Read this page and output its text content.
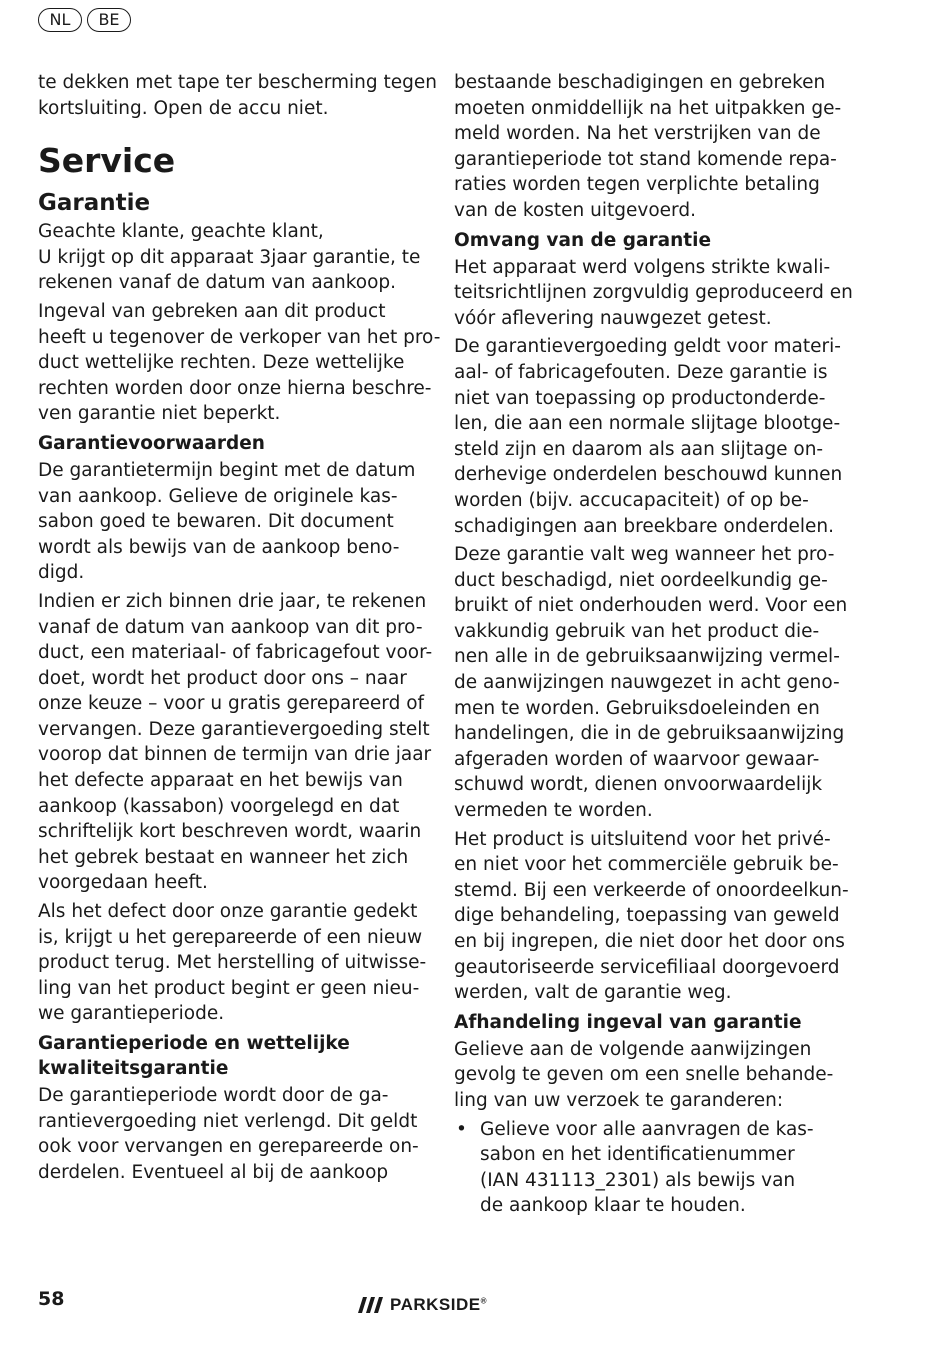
NL	BE

te dekken met tape ter bescherming tegen
kortsluiting. Open de accu niet.

Service
Garantie

Geachte klante, geachte klant,
U krijgt op dit apparaat 3jaar garantie, te
rekenen vanaf de datum van aankoop.

Ingeval van gebreken aan dit product
heeft u tegenover de verkoper van het pro-
duct wettelijke rechten. Deze wettelijke
rechten worden door onze hierna beschre-
ven garantie niet beperkt.

Garantievoorwaarden

De garantietermijn begint met de datum
van aankoop. Gelieve de originele kas-
sabon goed te bewaren. Dit document
wordt als bewijs van de aankoop beno-
digd.

Indien er zich binnen drie jaar, te rekenen
vanaf de datum van aankoop van dit pro-
duct, een materiaal- of fabricagefout voor-
doet, wordt het product door ons – naar
onze keuze – voor u gratis gerepareerd of
vervangen. Deze garantievergoeding stelt
voorop dat binnen de termijn van drie jaar
het defecte apparaat en het bewijs van
aankoop (kassabon) voorgelegd en dat
schriftelijk kort beschreven wordt, waarin
het gebrek bestaat en wanneer het zich
voorgedaan heeft.

Als het defect door onze garantie gedekt
is, krijgt u het gerepareerde of een nieuw
product terug. Met herstelling of uitwisse-
ling van het product begint er geen nieu-
we garantieperiode.

Garantieperiode en wettelijke
kwaliteitsgarantie

De garantieperiode wordt door de ga-
rantievergoeding niet verlengd. Dit geldt
ook voor vervangen en gerepareerde on-
derdelen. Eventueel al bij de aankoop

bestaande beschadigingen en gebreken
moeten onmiddellijk na het uitpakken ge-
meld worden. Na het verstrijken van de
garantieperiode tot stand komende repa-
raties worden tegen verplichte betaling
van de kosten uitgevoerd.

Omvang van de garantie

Het apparaat werd volgens strikte kwali-
teitsrichtlijnen zorgvuldig geproduceerd en
vóór aflevering nauwgezet getest.

De garantievergoeding geldt voor materi-
aal- of fabricagefouten. Deze garantie is
niet van toepassing op productonderde-
len, die aan een normale slijtage blootge-
steld zijn en daarom als aan slijtage on-
derhevige onderdelen beschouwd kunnen
worden (bijv. accucapaciteit) of op be-
schadigingen aan breekbare onderdelen.

Deze garantie valt weg wanneer het pro-
duct beschadigd, niet oordeelkundig ge-
bruikt of niet onderhouden werd. Voor een
vakkundig gebruik van het product die-
nen alle in de gebruiksaanwijzing vermel-
de aanwijzingen nauwgezet in acht geno-
men te worden. Gebruiksdoeleinden en
handelingen, die in de gebruiksaanwijzing
afgeraden worden of waarvoor gewaar-
schuwd wordt, dienen onvoorwaardelijk
vermeden te worden.

Het product is uitsluitend voor het privé-
en niet voor het commerciële gebruik be-
stemd. Bij een verkeerde of onoordeelkun-
dige behandeling, toepassing van geweld
en bij ingrepen, die niet door het door ons
geautoriseerde servicefiliaal doorgevoerd
werden, valt de garantie weg.

Afhandeling ingeval van garantie

Gelieve aan de volgende aanwijzingen
gevolg te geven om een snelle behande-
ling van uw verzoek te garanderen:

• Gelieve voor alle aanvragen de kas-
sabon en het identificatienummer
(IAN 431113_2301) als bewijs van
de aankoop klaar te houden.
58	PARKSIDE®
